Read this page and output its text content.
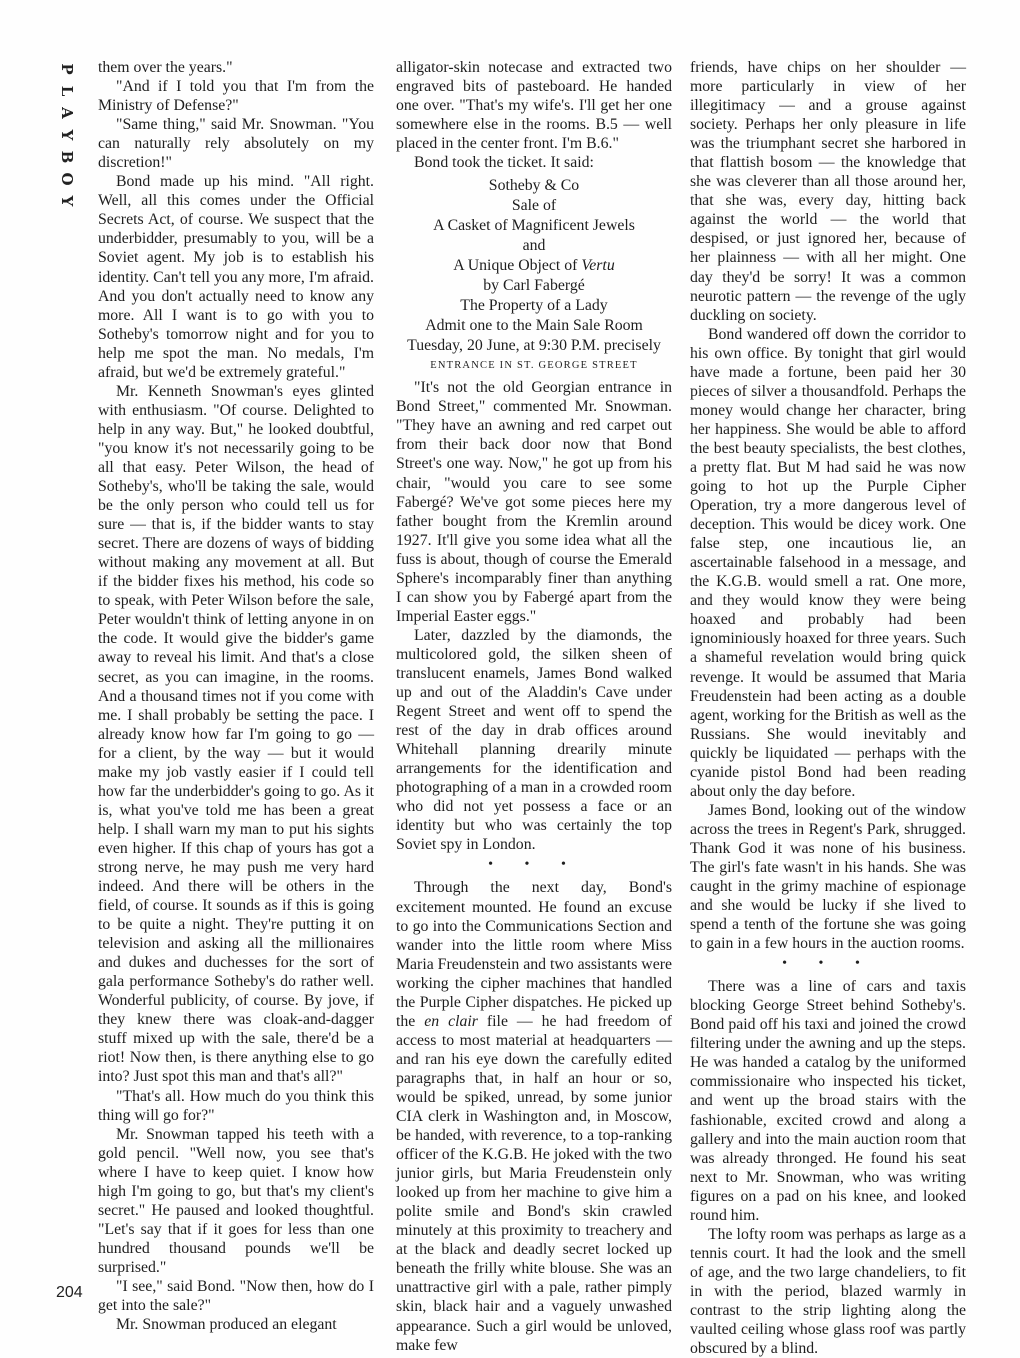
P
L
A
Y
B
O
Y
204

them over the years."

"And if I told you that I'm from the Ministry of Defense?"

"Same thing," said Mr. Snowman. "You can naturally rely absolutely on my discretion!"

Bond made up his mind. "All right. Well, all this comes under the Official Secrets Act, of course. We suspect that the underbidder, presumably to you, will be a Soviet agent. My job is to establish his identity. Can't tell you any more, I'm afraid. And you don't actually need to know any more. All I want is to go with you to Sotheby's tomorrow night and for you to help me spot the man. No medals, I'm afraid, but we'd be extremely grateful."

Mr. Kenneth Snowman's eyes glinted with enthusiasm. "Of course. Delighted to help in any way. But," he looked doubtful, "you know it's not necessarily going to be all that easy. Peter Wilson, the head of Sotheby's, who'll be taking the sale, would be the only person who could tell us for sure — that is, if the bidder wants to stay secret. There are dozens of ways of bidding without making any movement at all. But if the bidder fixes his method, his code so to speak, with Peter Wilson before the sale, Peter wouldn't think of letting anyone in on the code. It would give the bidder's game away to reveal his limit. And that's a close secret, as you can imagine, in the rooms. And a thousand times not if you come with me. I shall probably be setting the pace. I already know how far I'm going to go — for a client, by the way — but it would make my job vastly easier if I could tell how far the underbidder's going to go. As it is, what you've told me has been a great help. I shall warn my man to put his sights even higher. If this chap of yours has got a strong nerve, he may push me very hard indeed. And there will be others in the field, of course. It sounds as if this is going to be quite a night. They're putting it on television and asking all the millionaires and dukes and duchesses for the sort of gala performance Sotheby's do rather well. Wonderful publicity, of course. By jove, if they knew there was cloak-and-dagger stuff mixed up with the sale, there'd be a riot! Now then, is there anything else to go into? Just spot this man and that's all?"

"That's all. How much do you think this thing will go for?"

Mr. Snowman tapped his teeth with a gold pencil. "Well now, you see that's where I have to keep quiet. I know how high I'm going to go, but that's my client's secret." He paused and looked thoughtful. "Let's say that if it goes for less than one hundred thousand pounds we'll be surprised."

"I see," said Bond. "Now then, how do I get into the sale?"

Mr. Snowman produced an elegant

alligator-skin notecase and extracted two engraved bits of pasteboard. He handed one over. "That's my wife's. I'll get her one somewhere else in the rooms. B.5 — well placed in the center front. I'm B.6."

Bond took the ticket. It said:

Sotheby & Co
Sale of
A Casket of Magnificent Jewels
and
A Unique Object of Vertu
by Carl Fabergé
The Property of a Lady
Admit one to the Main Sale Room
Tuesday, 20 June, at 9:30 P.M. precisely
ENTRANCE IN ST. GEORGE STREET

"It's not the old Georgian entrance in Bond Street," commented Mr. Snowman. "They have an awning and red carpet out from their back door now that Bond Street's one way. Now," he got up from his chair, "would you care to see some Fabergé? We've got some pieces here my father bought from the Kremlin around 1927. It'll give you some idea what all the fuss is about, though of course the Emerald Sphere's incomparably finer than anything I can show you by Fabergé apart from the Imperial Easter eggs."

Later, dazzled by the diamonds, the multicolored gold, the silken sheen of translucent enamels, James Bond walked up and out of the Aladdin's Cave under Regent Street and went off to spend the rest of the day in drab offices around Whitehall planning drearily minute arrangements for the identification and photographing of a man in a crowded room who did not yet possess a face or an identity but who was certainly the top Soviet spy in London.

• • •

Through the next day, Bond's excitement mounted. He found an excuse to go into the Communications Section and wander into the little room where Miss Maria Freudenstein and two assistants were working the cipher machines that handled the Purple Cipher dispatches. He picked up the en clair file — he had freedom of access to most material at headquarters — and ran his eye down the carefully edited paragraphs that, in half an hour or so, would be spiked, unread, by some junior CIA clerk in Washington and, in Moscow, be handed, with reverence, to a top-ranking officer of the K.G.B. He joked with the two junior girls, but Maria Freudenstein only looked up from her machine to give him a polite smile and Bond's skin crawled minutely at this proximity to treachery and at the black and deadly secret locked up beneath the frilly white blouse. She was an unattractive girl with a pale, rather pimply skin, black hair and a vaguely unwashed appearance. Such a girl would be unloved, make few

friends, have chips on her shoulder — more particularly in view of her illegitimacy — and a grouse against society. Perhaps her only pleasure in life was the triumphant secret she harbored in that flattish bosom — the knowledge that she was cleverer than all those around her, that she was, every day, hitting back against the world — the world that despised, or just ignored her, because of her plainness — with all her might. One day they'd be sorry! It was a common neurotic pattern — the revenge of the ugly duckling on society.

Bond wandered off down the corridor to his own office. By tonight that girl would have made a fortune, been paid her 30 pieces of silver a thousandfold. Perhaps the money would change her character, bring her happiness. She would be able to afford the best beauty specialists, the best clothes, a pretty flat. But M had said he was now going to hot up the Purple Cipher Operation, try a more dangerous level of deception. This would be dicey work. One false step, one incautious lie, an ascertainable falsehood in a message, and the K.G.B. would smell a rat. One more, and they would know they were being hoaxed and probably had been ignominiously hoaxed for three years. Such a shameful revelation would bring quick revenge. It would be assumed that Maria Freudenstein had been acting as a double agent, working for the British as well as the Russians. She would inevitably and quickly be liquidated — perhaps with the cyanide pistol Bond had been reading about only the day before.

James Bond, looking out of the window across the trees in Regent's Park, shrugged. Thank God it was none of his business. The girl's fate wasn't in his hands. She was caught in the grimy machine of espionage and she would be lucky if she lived to spend a tenth of the fortune she was going to gain in a few hours in the auction rooms.

• • •

There was a line of cars and taxis blocking George Street behind Sotheby's. Bond paid off his taxi and joined the crowd filtering under the awning and up the steps. He was handed a catalog by the uniformed commissionaire who inspected his ticket, and went up the broad stairs with the fashionable, excited crowd and along a gallery and into the main auction room that was already thronged. He found his seat next to Mr. Snowman, who was writing figures on a pad on his knee, and looked round him.

The lofty room was perhaps as large as a tennis court. It had the look and the smell of age, and the two large chandeliers, to fit in with the period, blazed warmly in contrast to the strip lighting along the vaulted ceiling whose glass roof was partly obscured by a blind.
